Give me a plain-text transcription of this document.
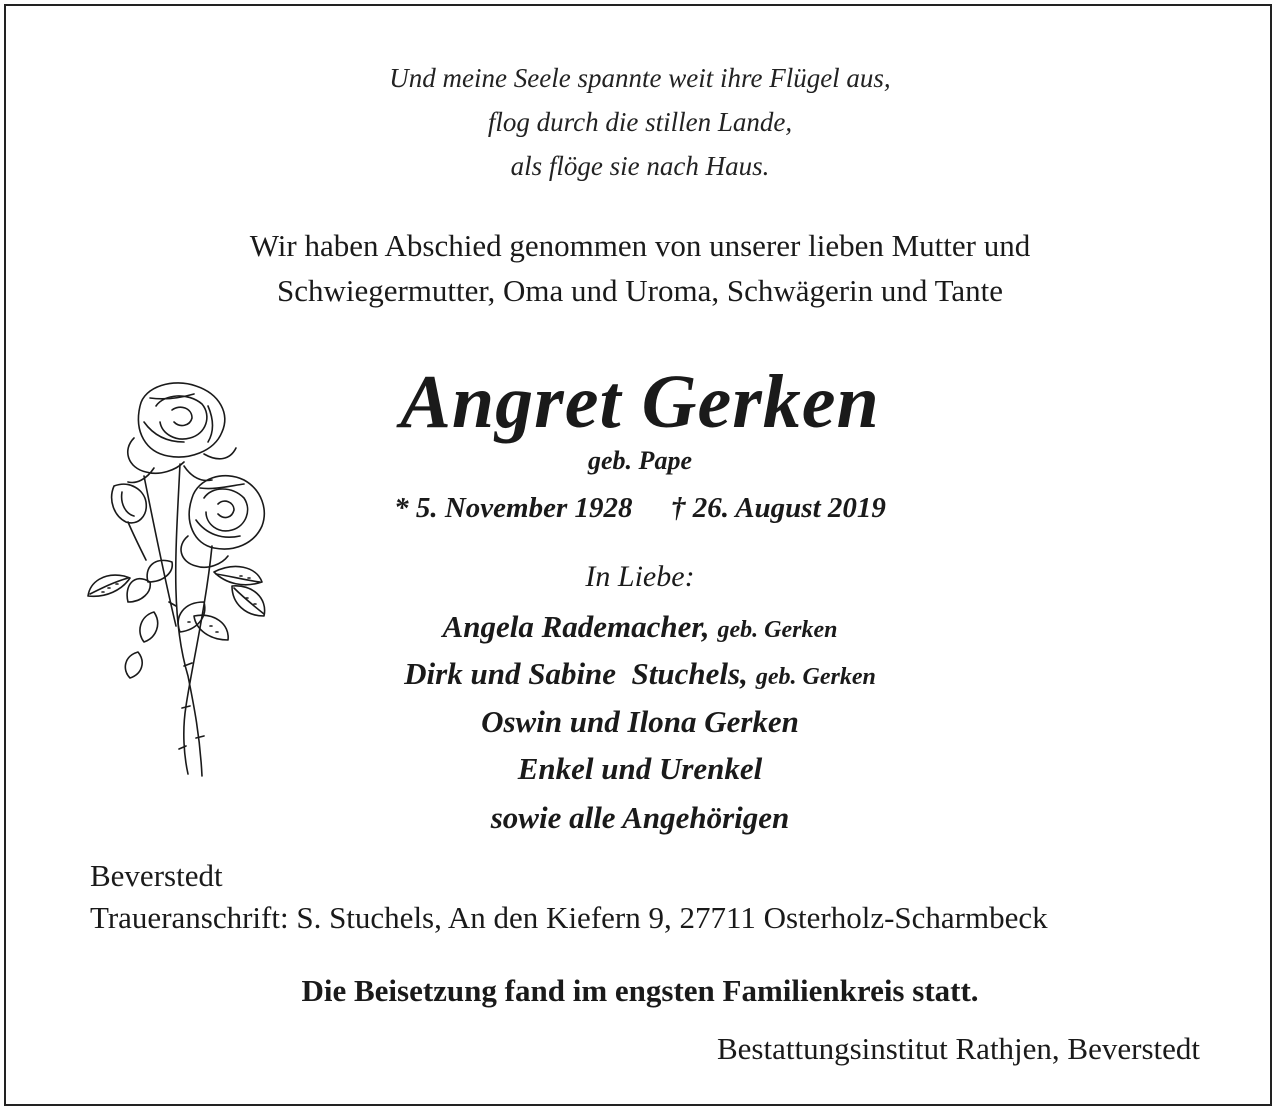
Und meine Seele spannte weit ihre Flügel aus,
flog durch die stillen Lande,
als flöge sie nach Haus.
Wir haben Abschied genommen von unserer lieben Mutter und
Schwiegermutter, Oma und Uroma, Schwägerin und Tante
Angret Gerken
geb. Pape
* 5. November 1928 † 26. August 2019
In Liebe:
Angela Rademacher, geb. Gerken
Dirk und Sabine  Stuchels, geb. Gerken
Oswin und Ilona Gerken
Enkel und Urenkel
sowie alle Angehörigen
Beverstedt
Traueranschrift: S. Stuchels, An den Kiefern 9, 27711 Osterholz-Scharmbeck
Die Beisetzung fand im engsten Familienkreis statt.
Bestattungsinstitut Rathjen, Beverstedt
